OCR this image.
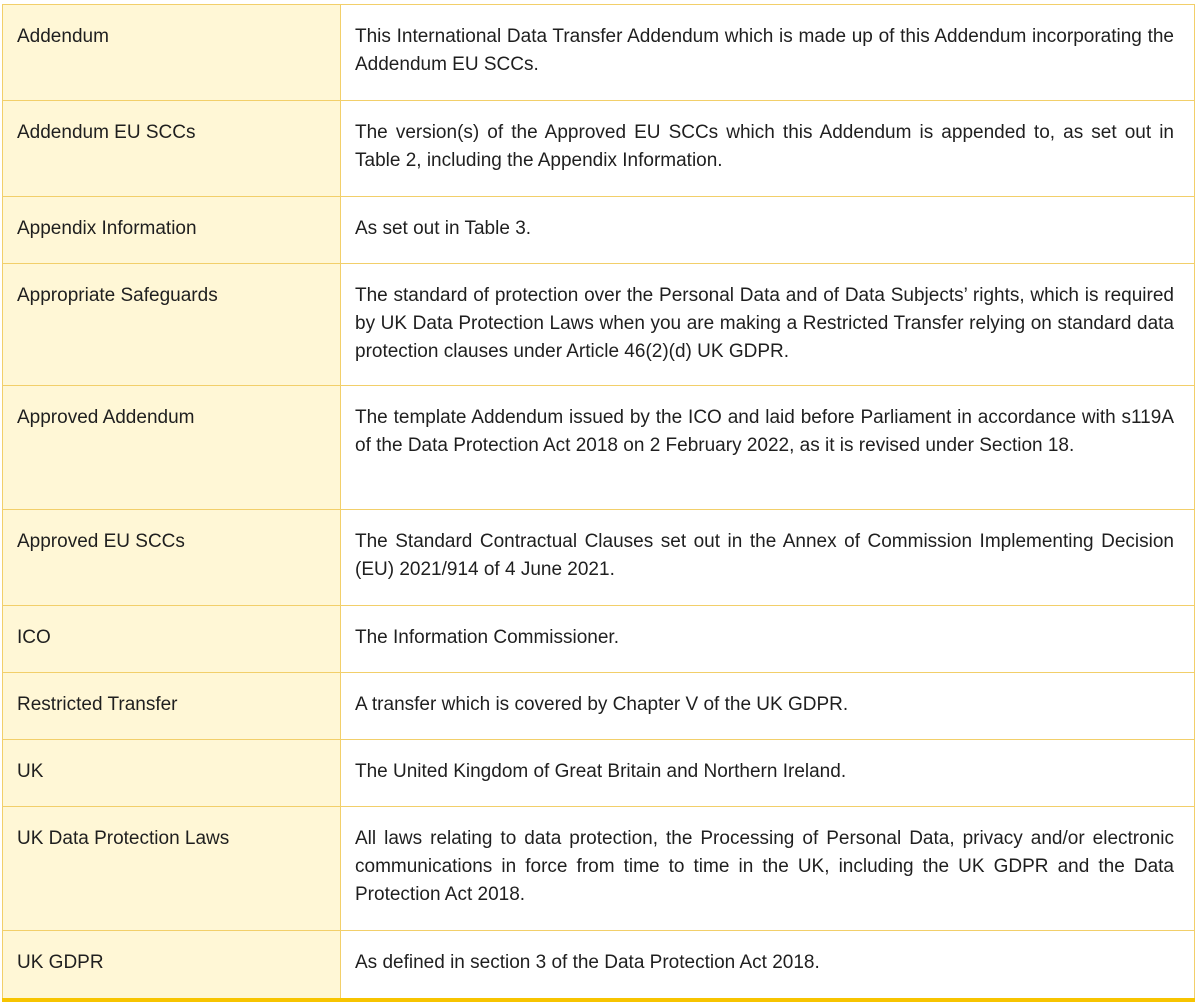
Addendum	This International Data Transfer Addendum which is made up of this Addendum incorporating the Addendum EU SCCs.
Addendum EU SCCs	The version(s) of the Approved EU SCCs which this Addendum is appended to, as set out in Table 2, including the Appendix Information.
Appendix Information	As set out in Table 3.
Appropriate Safeguards	The standard of protection over the Personal Data and of Data Subjects’ rights, which is required by UK Data Protection Laws when you are making a Restricted Transfer relying on standard data protection clauses under Article 46(2)(d) UK GDPR.
Approved Addendum	The template Addendum issued by the ICO and laid before Parliament in accordance with s119A of the Data Protection Act 2018 on 2 February 2022, as it is revised under Section 18.
Approved EU SCCs	The Standard Contractual Clauses set out in the Annex of Commission Implementing Decision (EU) 2021/914 of 4 June 2021.
ICO	The Information Commissioner.
Restricted Transfer	A transfer which is covered by Chapter V of the UK GDPR.
UK	The United Kingdom of Great Britain and Northern Ireland.
UK Data Protection Laws	All laws relating to data protection, the Processing of Personal Data, privacy and/or electronic communications in force from time to time in the UK, including the UK GDPR and the Data Protection Act 2018.
UK GDPR	As defined in section 3 of the Data Protection Act 2018.
